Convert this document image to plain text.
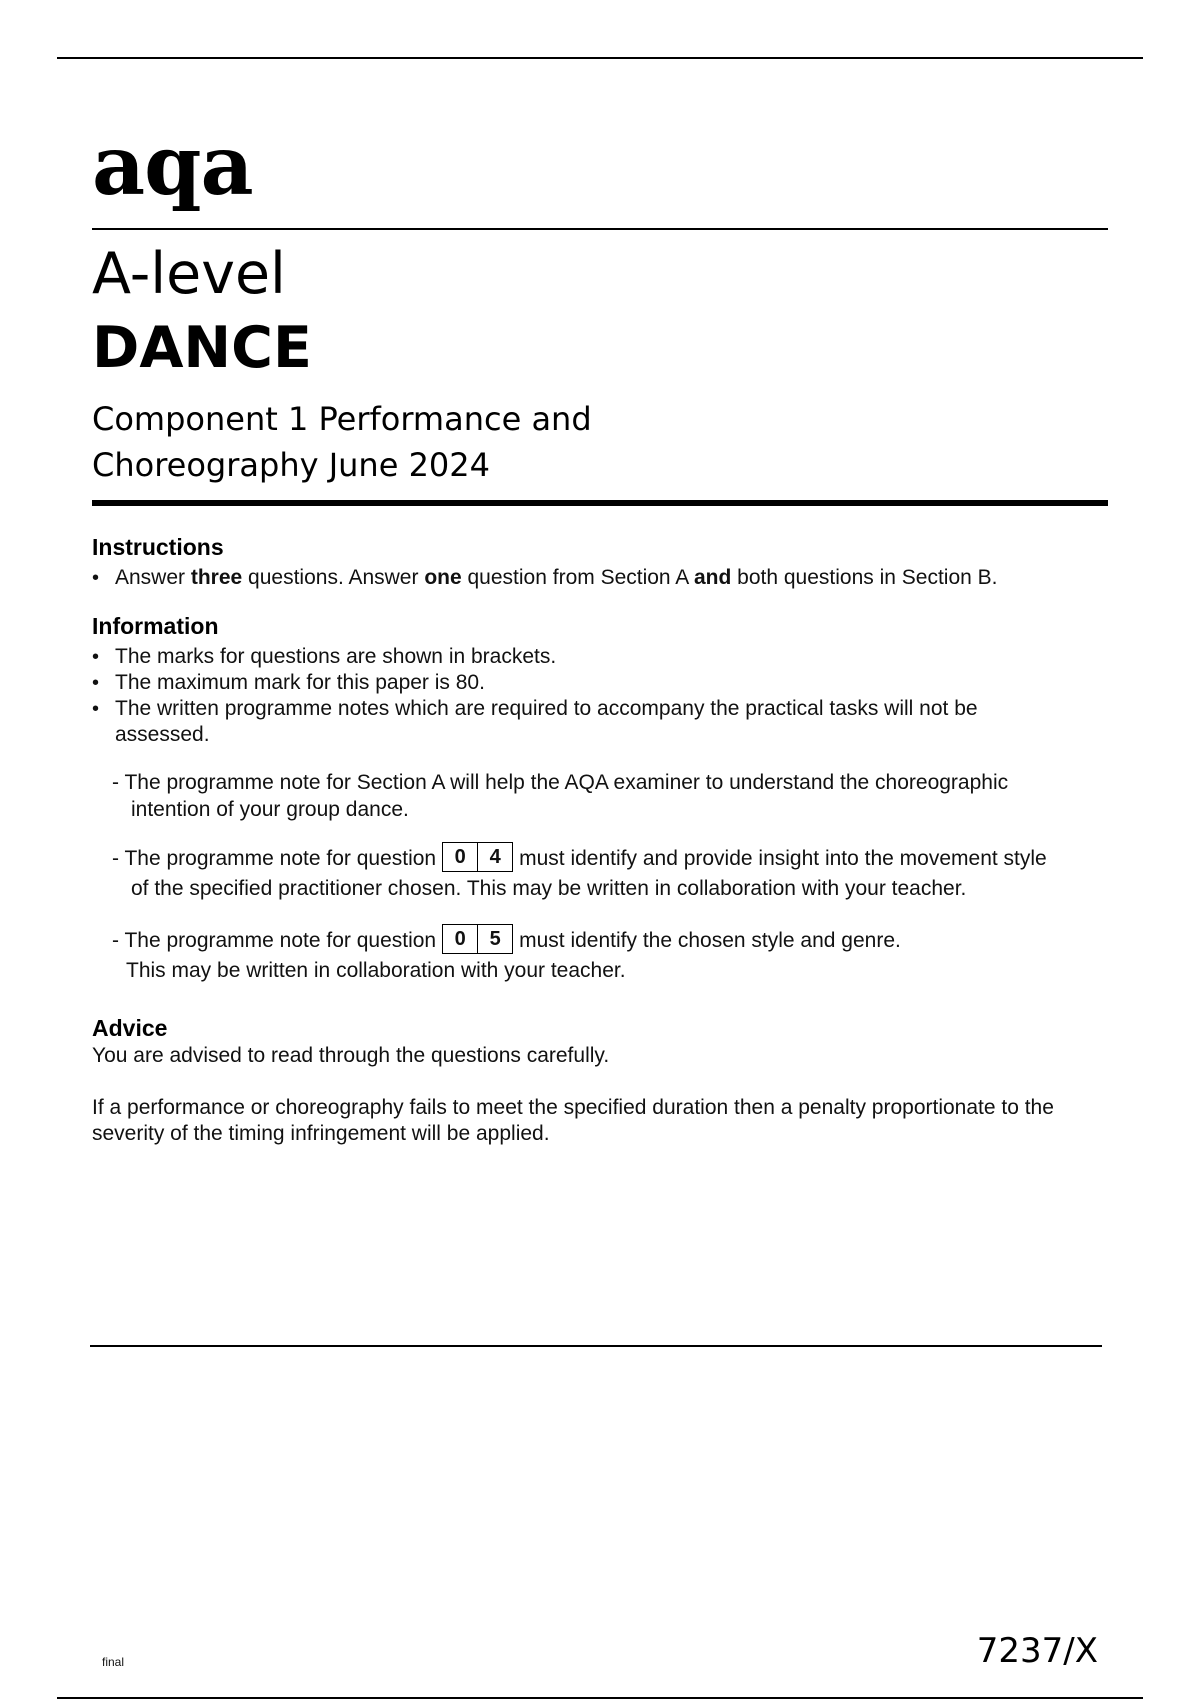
aqa
A-level
DANCE
Component 1 Performance and
Choreography June 2024
Instructions
• Answer three questions. Answer one question from Section A and both questions in Section B.
Information
• The marks for questions are shown in brackets.
• The maximum mark for this paper is 80.
• The written programme notes which are required to accompany the practical tasks will not be assessed.
- The programme note for Section A will help the AQA examiner to understand the choreographic
intention of your group dance.
- The programme note for question 0	4 must identify and provide insight into the movement style
of the specified practitioner chosen. This may be written in collaboration with your teacher.
- The programme note for question 0	5 must identify the chosen style and genre.
This may be written in collaboration with your teacher.
Advice

You are advised to read through the questions carefully.

If a performance or choreography fails to meet the specified duration then a penalty proportionate to the severity of the timing infringement will be applied.

final	7237/X
